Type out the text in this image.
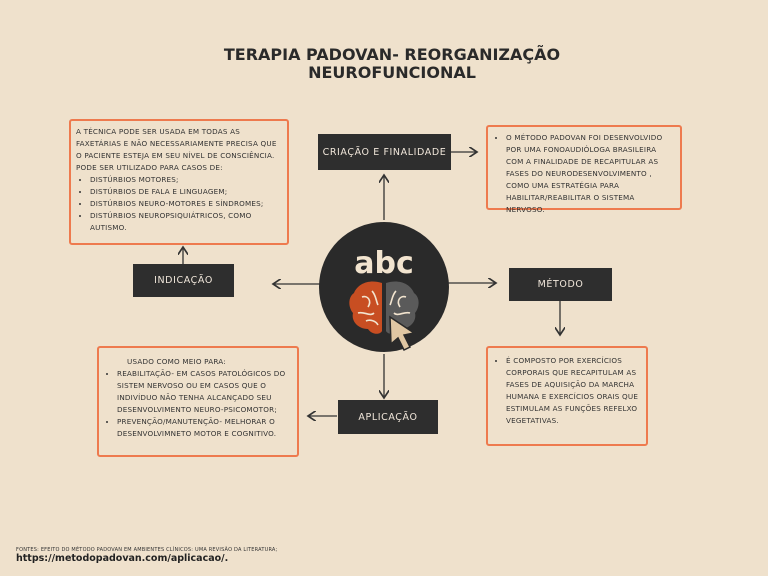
TERAPIA PADOVAN- REORGANIZAÇÃO
NEUROFUNCIONAL
abc
CRIAÇÃO E FINALIDADE
MÉTODO
APLICAÇÃO
INDICAÇÃO
A TÉCNICA PODE SER USADA EM TODAS AS FAXETÁRIAS E NÃO NECESSARIAMENTE PRECISA QUE O PACIENTE ESTEJA EM SEU NÍVEL DE CONSCIÊNCIA. PODE SER UTILIZADO PARA CASOS DE:
• DISTÚRBIOS MOTORES;
• DISTÚRBIOS DE FALA E LINGUAGEM;
• DISTÚRBIOS NEURO-MOTORES E SÍNDROMES;
• DISTÚRBIOS NEUROPSIQUIÁTRICOS, COMO AUTISMO.
• O MÉTODO PADOVAN FOI DESENVOLVIDO POR UMA FONOAUDIÓLOGA BRASILEIRA COM A FINALIDADE DE RECAPITULAR AS FASES DO NEURODESENVOLVIMENTO , COMO UMA ESTRATÉGIA PARA HABILITAR/REABILITAR O SISTEMA NERVOSO.
• É COMPOSTO POR EXERCÍCIOS CORPORAIS QUE RECAPITULAM AS FASES DE AQUISIÇÃO DA MARCHA HUMANA E EXERCÍCIOS ORAIS QUE ESTIMULAM AS FUNÇÕES REFELXO VEGETATIVAS.
USADO COMO MEIO PARA:
• REABILITAÇÃO- EM CASOS PATOLÓGICOS DO SISTEM NERVOSO OU EM CASOS QUE O INDIVÍDUO NÃO TENHA ALCANÇADO SEU DESENVOLVIMENTO NEURO-PSICOMOTOR;
• PREVENÇÃO/MANUTENÇÃO- MELHORAR O DESENVOLVIMNETO MOTOR E COGNITIVO.
FONTES: EFEITO DO MÉTODO PADOVAN EM AMBIENTES CLÍNICOS: UMA REVISÃO DA LITERATURA;
https://metodopadovan.com/aplicacao/.
